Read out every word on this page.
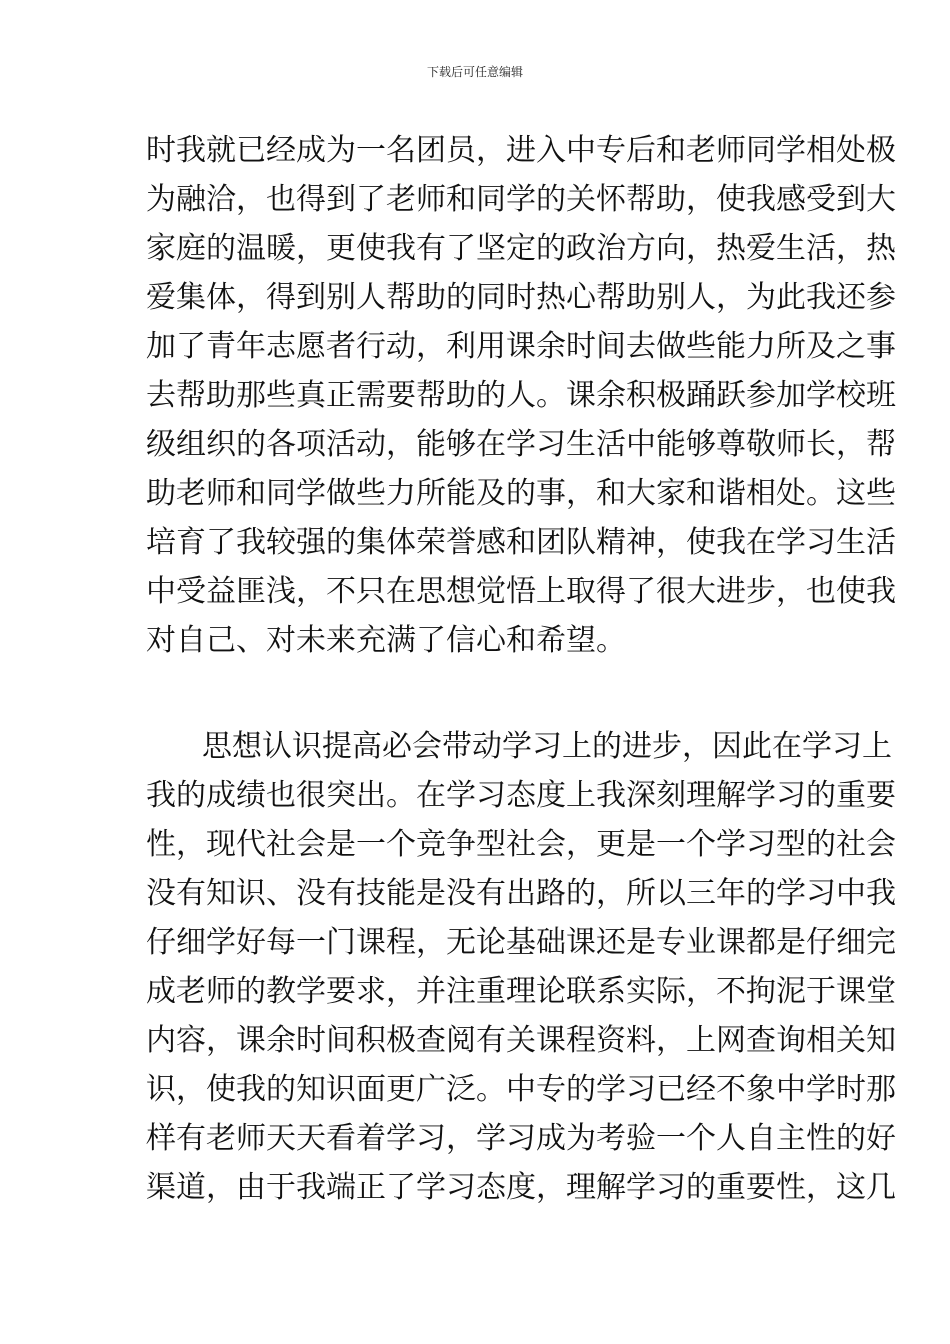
下载后可任意编辑
时我就已经成为一名团员，进入中专后和老师同学相处极
为融洽，也得到了老师和同学的关怀帮助，使我感受到大
家庭的温暖，更使我有了坚定的政治方向，热爱生活，热
爱集体，得到别人帮助的同时热心帮助别人，为此我还参
加了青年志愿者行动，利用课余时间去做些能力所及之事
去帮助那些真正需要帮助的人。课余积极踊跃参加学校班
级组织的各项活动，能够在学习生活中能够尊敬师长，帮
助老师和同学做些力所能及的事，和大家和谐相处。这些
培育了我较强的集体荣誉感和团队精神，使我在学习生活
中受益匪浅，不只在思想觉悟上取得了很大进步，也使我
对自己、对未来充满了信心和希望。
思想认识提高必会带动学习上的进步，因此在学习上
我的成绩也很突出。在学习态度上我深刻理解学习的重要
性，现代社会是一个竞争型社会，更是一个学习型的社会
没有知识、没有技能是没有出路的，所以三年的学习中我
仔细学好每一门课程，无论基础课还是专业课都是仔细完
成老师的教学要求，并注重理论联系实际，不拘泥于课堂
内容，课余时间积极查阅有关课程资料，上网查询相关知
识，使我的知识面更广泛。中专的学习已经不象中学时那
样有老师天天看着学习，学习成为考验一个人自主性的好
渠道，由于我端正了学习态度，理解学习的重要性，这几
